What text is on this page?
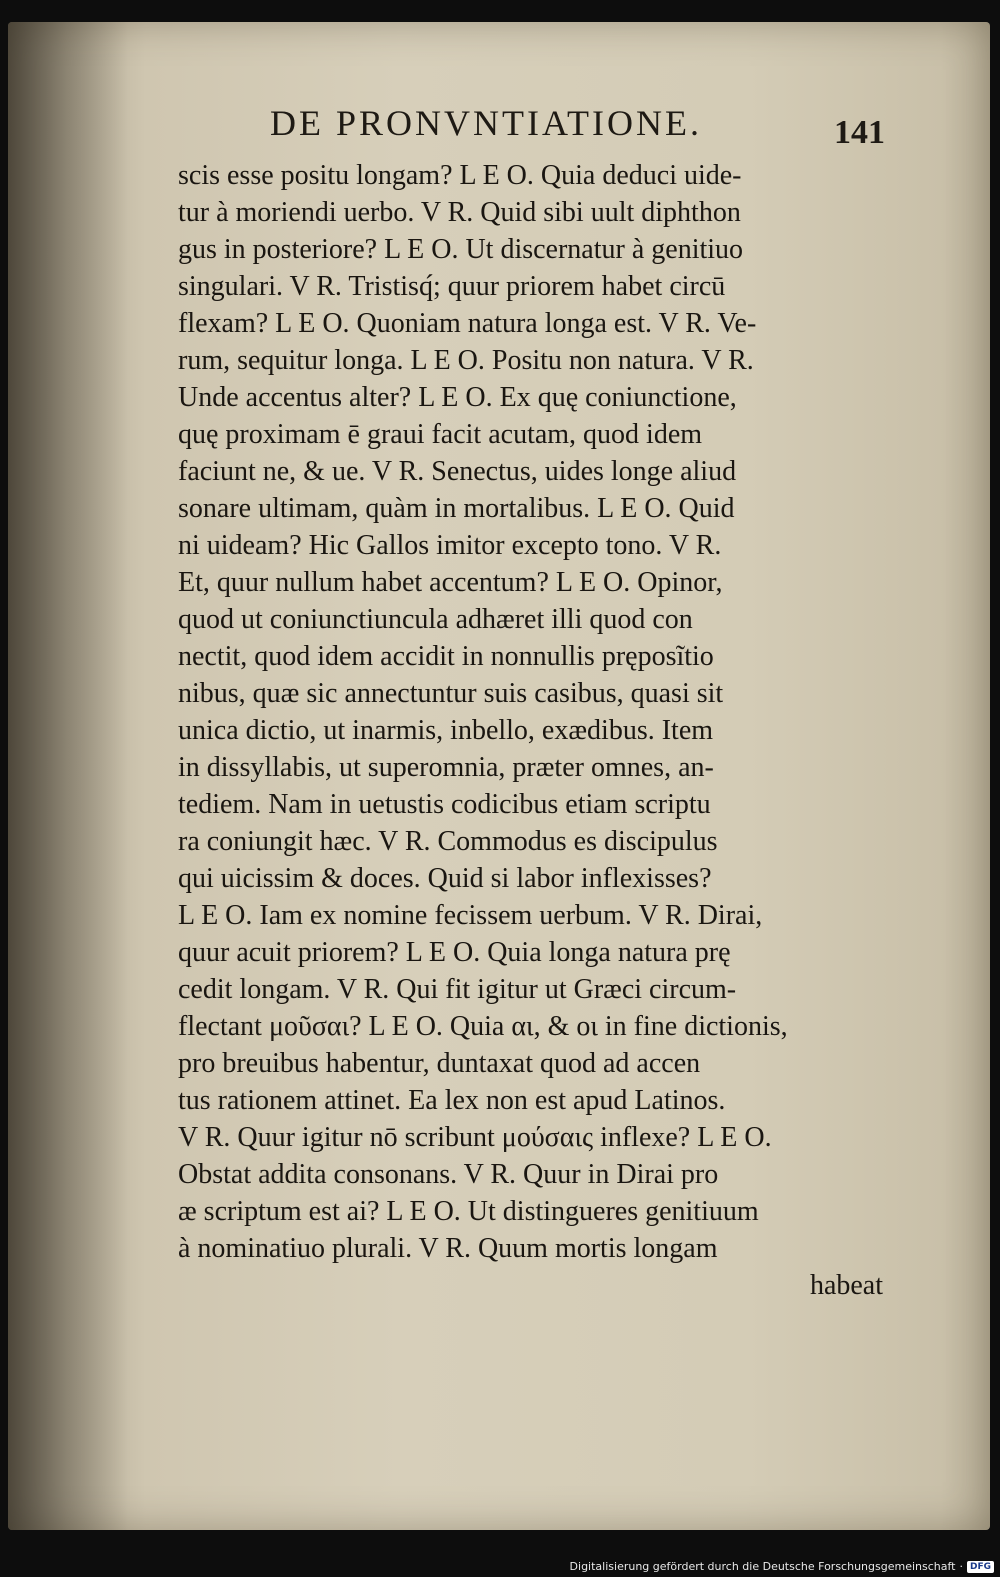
DE PRONVNTIATIONE.	141
scis esse positu longam? L E O. Quia deduci uide-
tur à moriendi uerbo. V R. Quid sibi uult diphthon
gus in posteriore? L E O. Ut discernatur à genitiuo
singulari. V R. Tristisq́; quur priorem habet circū
flexam? L E O. Quoniam natura longa est. V R. Ve-
rum, sequitur longa. L E O. Positu non natura. V R.
Unde accentus alter? L E O. Ex quę coniunctione,
quę proximam ē graui facit acutam, quod idem
faciunt ne, & ue. V R. Senectus, uides longe aliud
sonare ultimam, quàm in mortalibus. L E O. Quid
ni uideam? Hic Gallos imitor excepto tono. V R.
Et, quur nullum habet accentum? L E O. Opinor,
quod ut coniunctiuncula adhæret illi quod con
nectit, quod idem accidit in nonnullis pręposĩtio
nibus, quæ sic annectuntur suis casibus, quasi sit
unica dictio, ut inarmis, inbello, exædibus. Item
in dissyllabis, ut superomnia, præter omnes, an-
tediem. Nam in uetustis codicibus etiam scriptu
ra coniungit hæc. V R. Commodus es discipulus
qui uicissim & doces. Quid si labor inflexisses?
L E O. Iam ex nomine fecissem uerbum. V R. Dirai,
quur acuit priorem? L E O. Quia longa natura prę
cedit longam. V R. Qui fit igitur ut Græci circum-
flectant μοῦσαι? L E O. Quia αι, & οι in fine dictionis,
pro breuibus habentur, duntaxat quod ad accen
tus rationem attinet. Ea lex non est apud Latinos.
V R. Quur igitur nō scribunt μούσαις inflexe? L E O.
Obstat addita consonans. V R. Quur in Dirai pro
æ scriptum est ai? L E O. Ut distingueres genitiuum
à nominatiuo plurali. V R. Quum mortis longam
habeat
Digitalisierung gefördert durch die Deutsche Forschungsgemeinschaft · DFG
